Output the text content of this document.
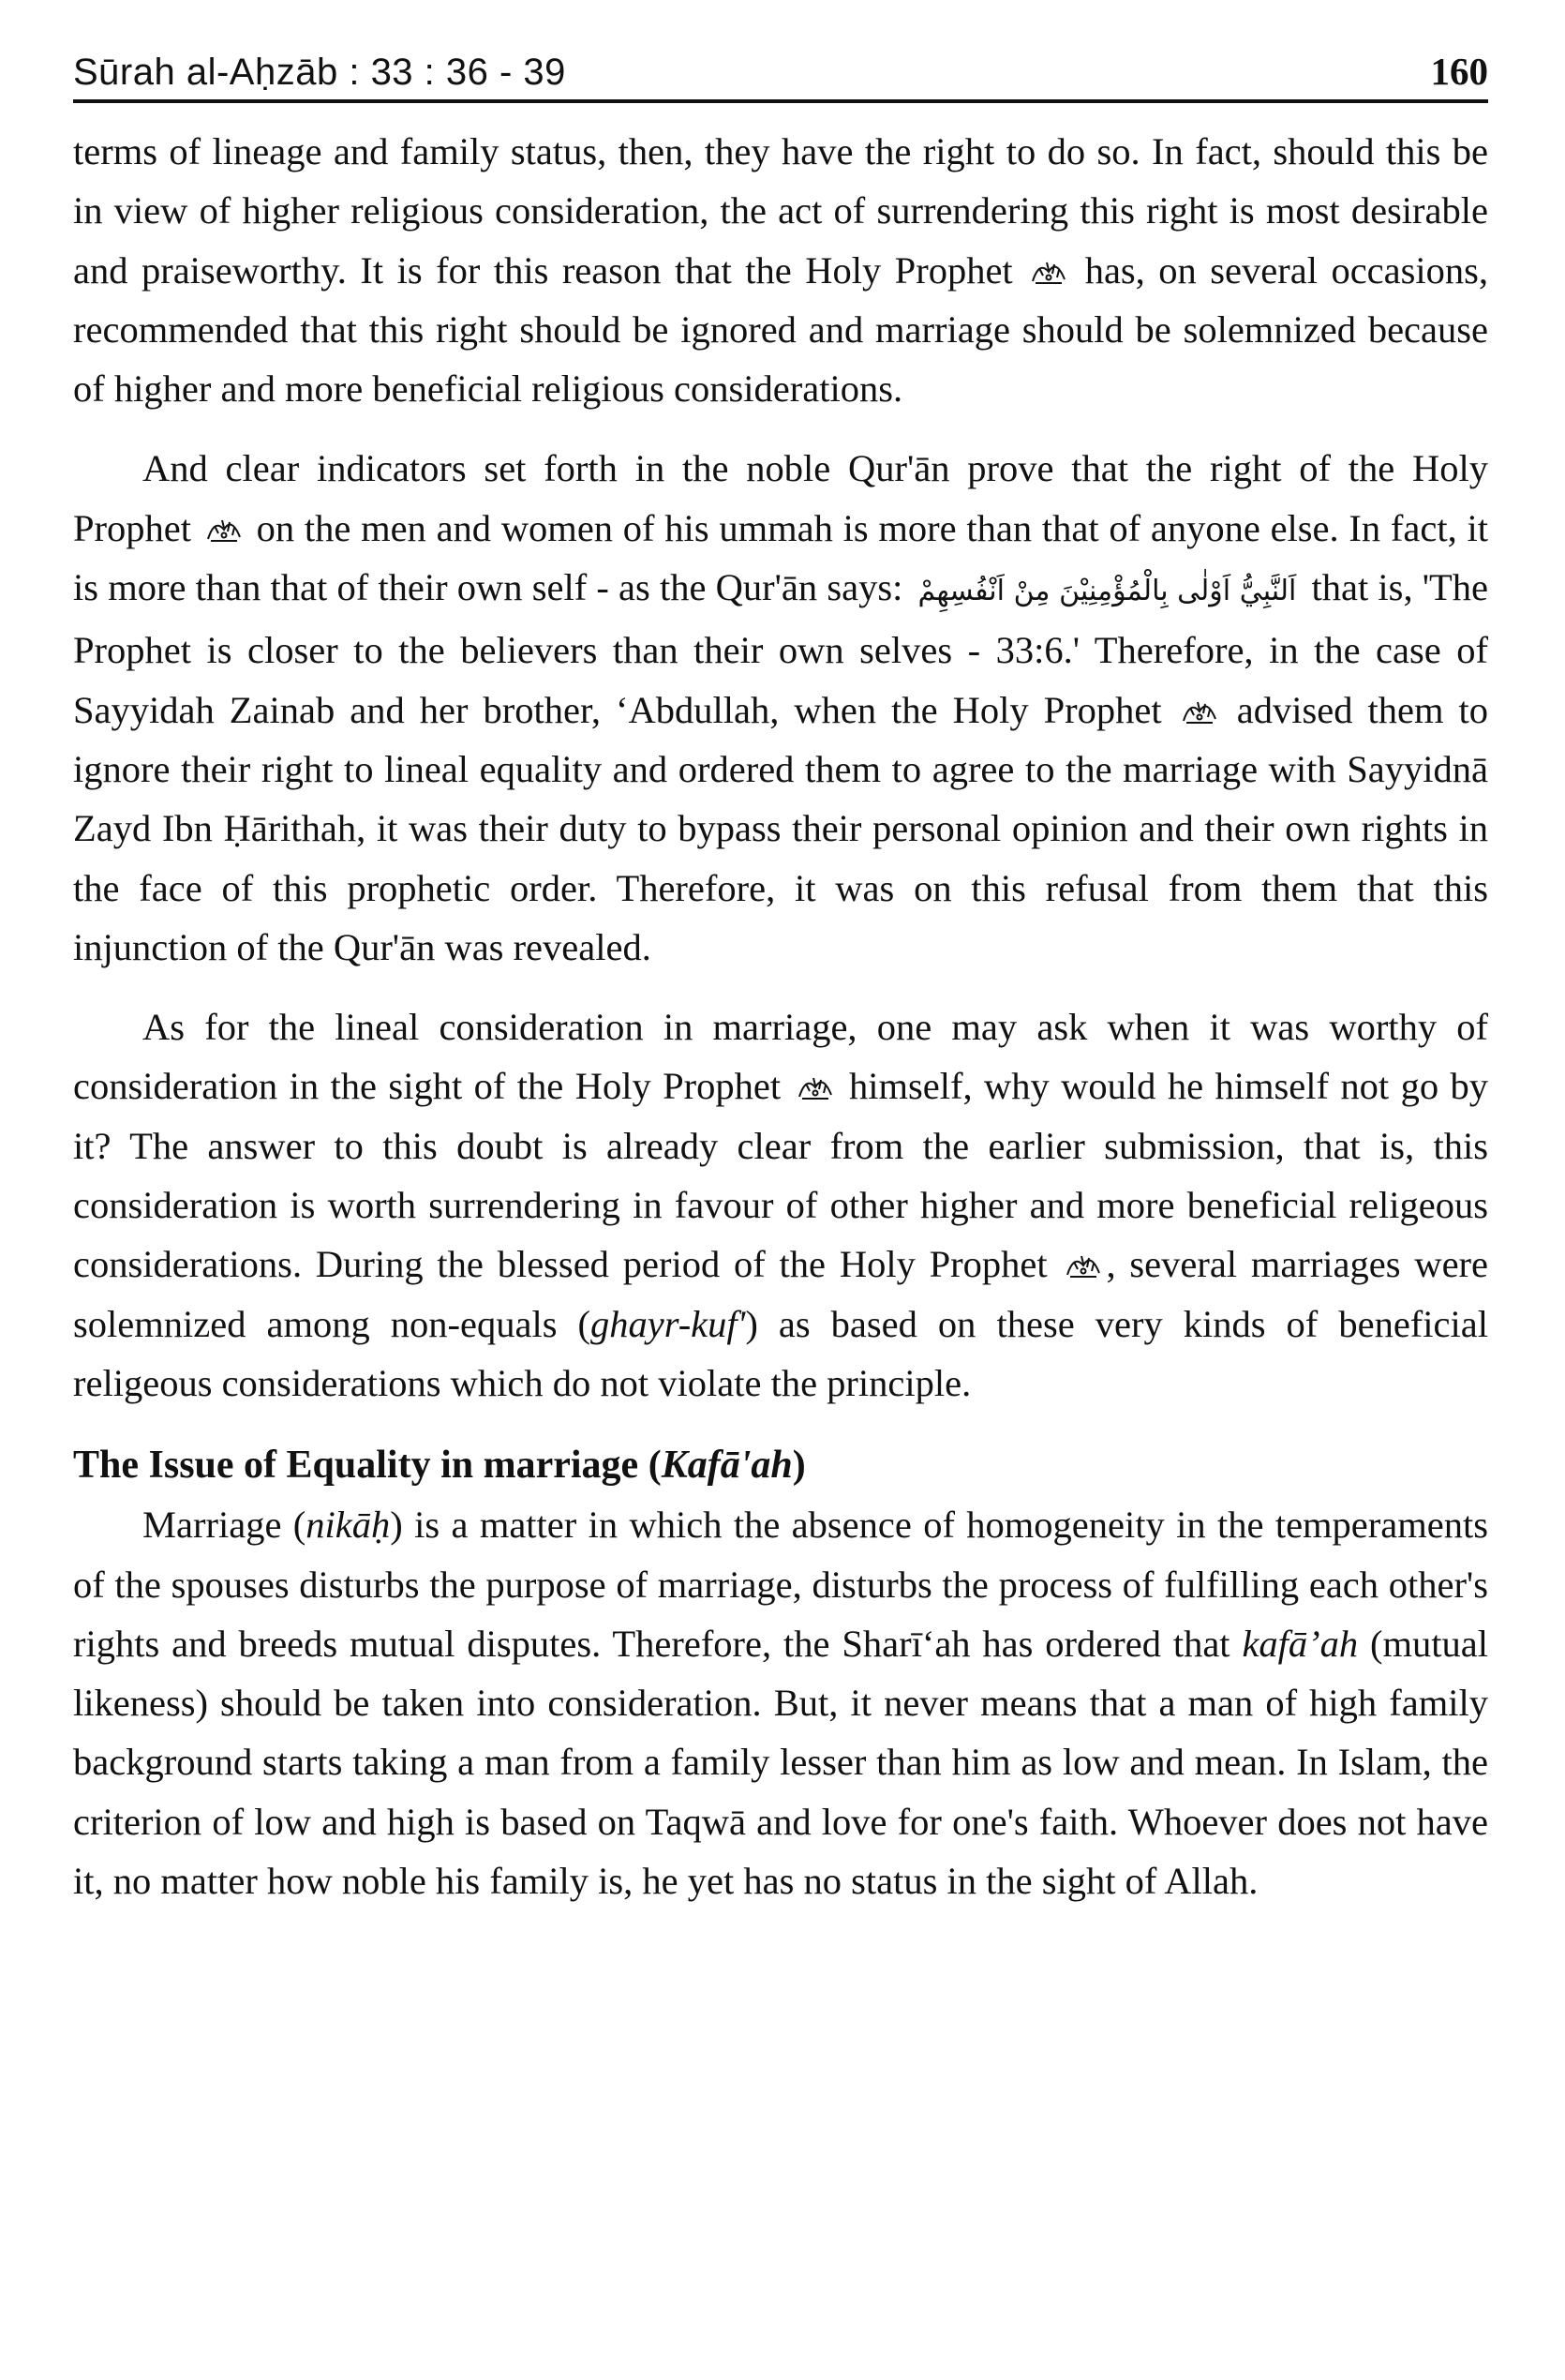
Sūrah al-Aḥzāb : 33 : 36 - 39	160

terms of lineage and family status, then, they have the right to do so. In fact, should this be in view of higher religious consideration, the act of surrendering this right is most desirable and praiseworthy. It is for this reason that the Holy Prophet has, on several occasions, recommended that this right should be ignored and marriage should be solemnized because of higher and more beneficial religious considerations.

And clear indicators set forth in the noble Qur'ān prove that the right of the Holy Prophet on the men and women of his ummah is more than that of anyone else. In fact, it is more than that of their own self - as the Qur'ān says: اَلنَّبِيُّ اَوْلٰى بِالْمُؤْمِنِيْنَ مِنْ اَنْفُسِهِمْ that is, 'The Prophet is closer to the believers than their own selves - 33:6.' Therefore, in the case of Sayyidah Zainab and her brother, ‘Abdullah, when the Holy Prophet advised them to ignore their right to lineal equality and ordered them to agree to the marriage with Sayyidnā Zayd Ibn Ḥārithah, it was their duty to bypass their personal opinion and their own rights in the face of this prophetic order. Therefore, it was on this refusal from them that this injunction of the Qur'ān was revealed.

As for the lineal consideration in marriage, one may ask when it was worthy of consideration in the sight of the Holy Prophet himself, why would he himself not go by it? The answer to this doubt is already clear from the earlier submission, that is, this consideration is worth surrendering in favour of other higher and more beneficial religeous considerations. During the blessed period of the Holy Prophet , several marriages were solemnized among non-equals (ghayr-kuf') as based on these very kinds of beneficial religeous considerations which do not violate the principle.

The Issue of Equality in marriage (Kafā'ah)

Marriage (nikāḥ) is a matter in which the absence of homogeneity in the temperaments of the spouses disturbs the purpose of marriage, disturbs the process of fulfilling each other's rights and breeds mutual disputes. Therefore, the Sharī‘ah has ordered that kafā’ah (mutual likeness) should be taken into consideration. But, it never means that a man of high family background starts taking a man from a family lesser than him as low and mean. In Islam, the criterion of low and high is based on Taqwā and love for one's faith. Whoever does not have it, no matter how noble his family is, he yet has no status in the sight of Allah.
